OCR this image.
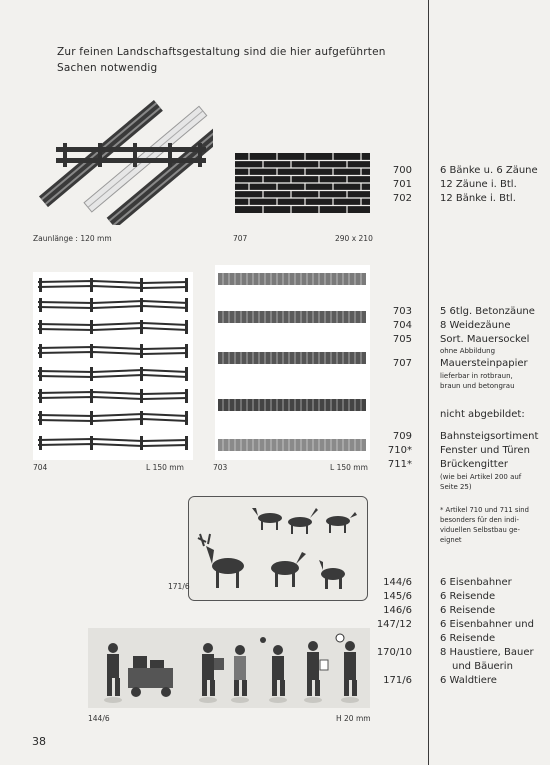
Zur feinen Landschaftsgestaltung sind die hier aufgeführten
Sachen notwendig
Zaunlänge : 120 mm	707	290 x 210
700	6 Bänke u. 6 Zäune
701	12 Zäune i. Btl.
702	12 Bänke i. Btl.
704	L 150 mm	703	L 150 mm
703	5 6tlg. Betonzäune
704	8 Weidezäune
705	Sort. Mauersockel
ohne Abbildung
707	Mauersteinpapier
lieferbar in rotbraun,
braun und betongrau
nicht abgebildet:
709	Bahnsteigsortiment
710*	Fenster und Türen
711*	Brückengitter
(wie bei Artikel 200 auf
Seite 25)
* Artikel 710 und 711 sind
besonders für den indi-
viduellen Selbstbau ge-
eignet
171/6
144/6	H 20 mm
144/6	6 Eisenbahner
145/6	6 Reisende
146/6	6 Reisende
147/12	6 Eisenbahner und
6 Reisende
170/10	8 Haustiere, Bauer
und Bäuerin
171/6	6 Waldtiere
38
